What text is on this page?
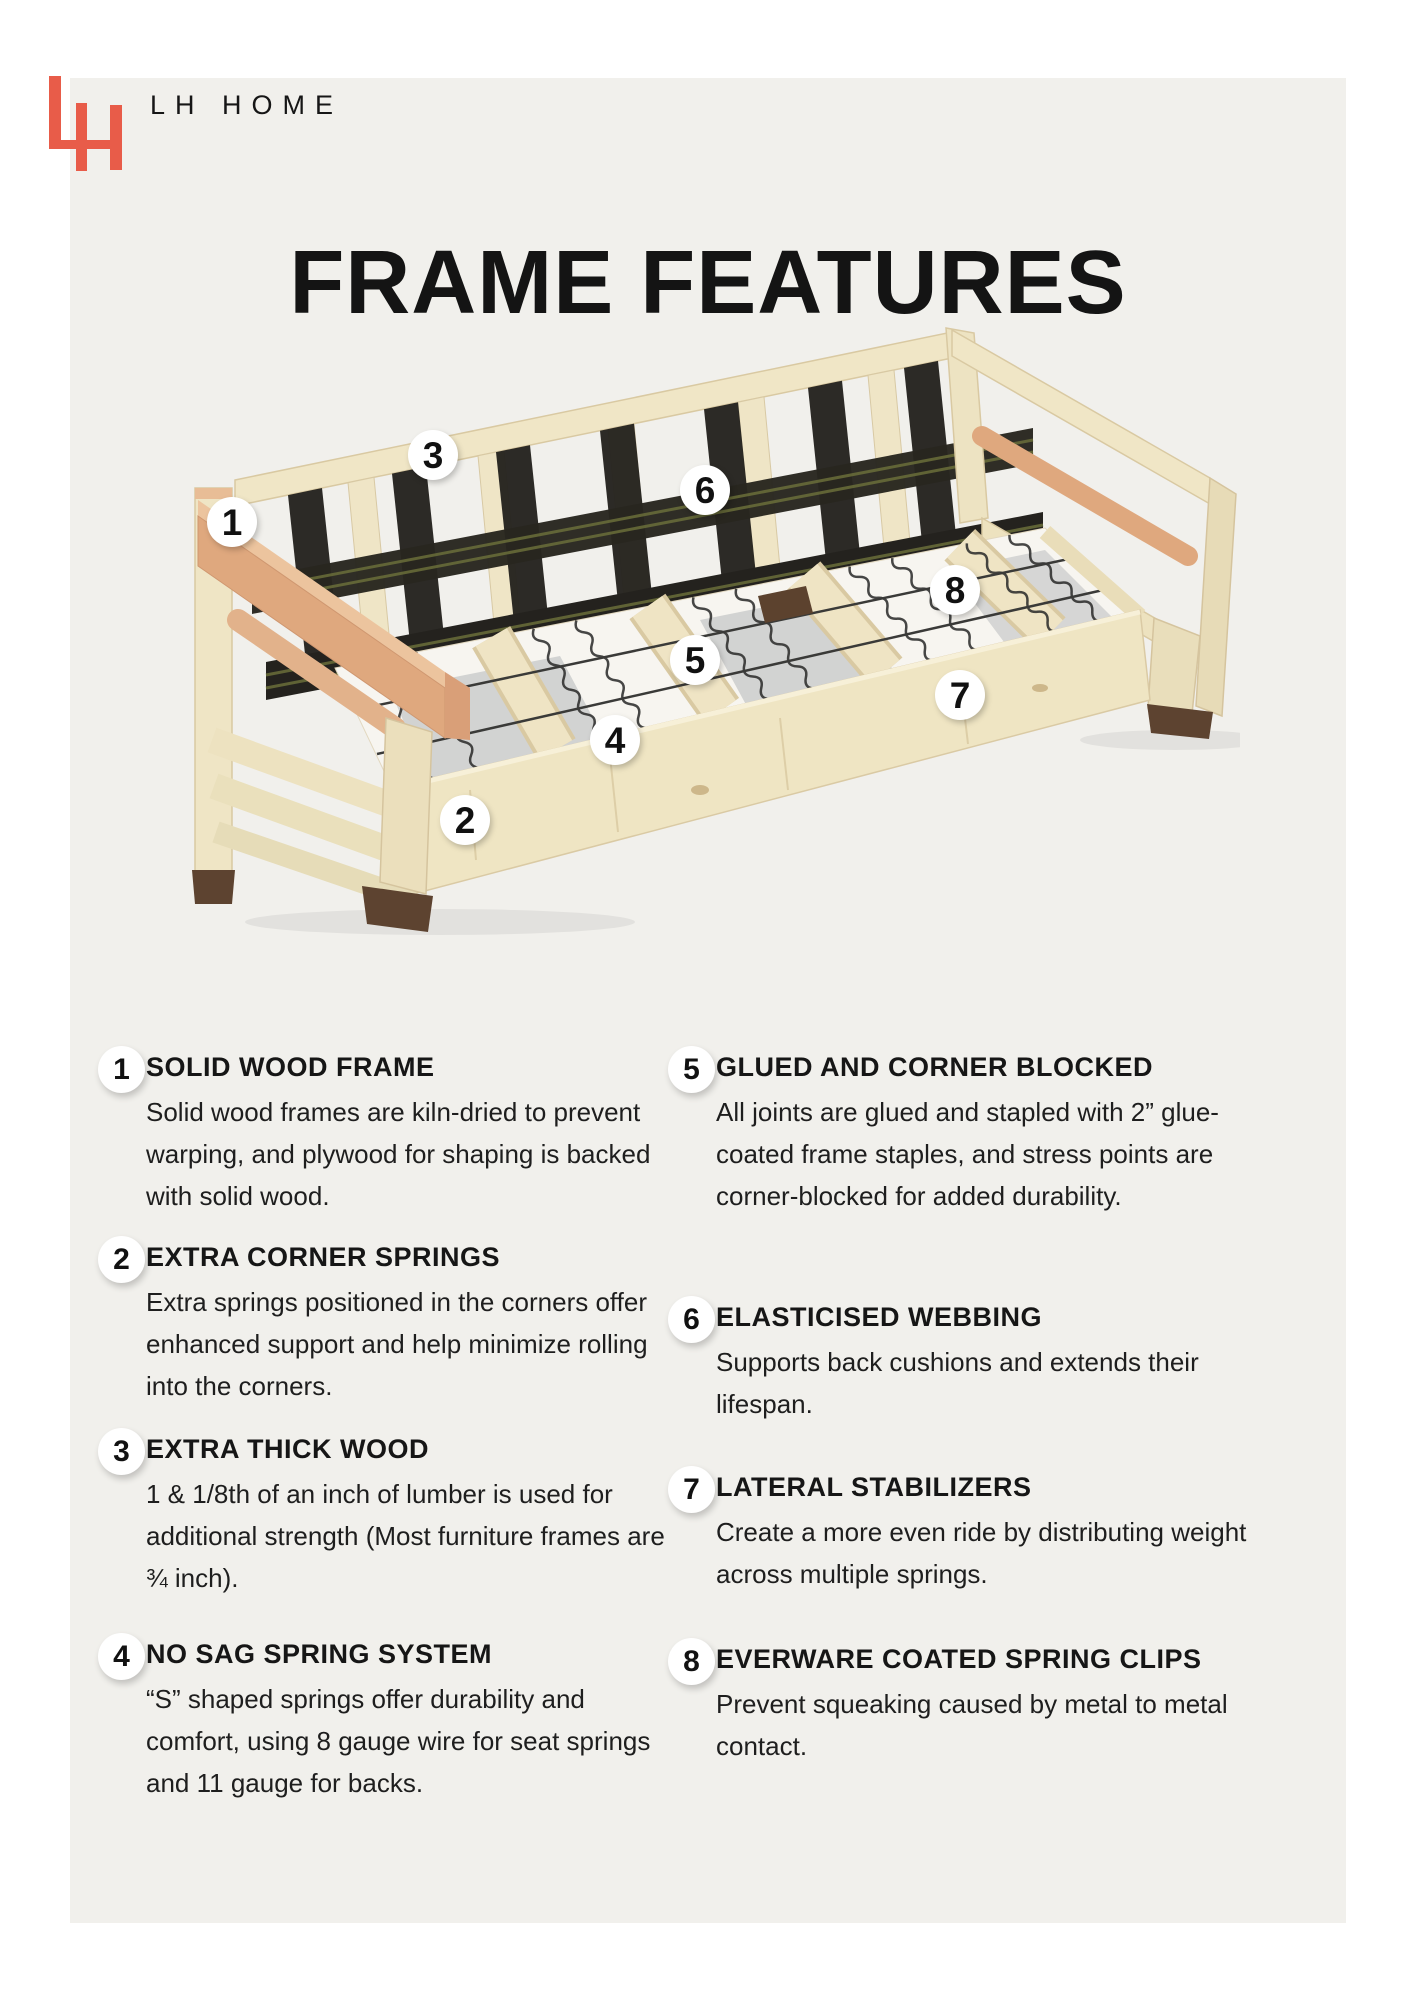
LH HOME
FRAME FEATURES
1
2
3
4
5
6
7
8
1 SOLID WOOD FRAME

Solid wood frames are kiln-dried to prevent warping, and plywood for shaping is backed with solid wood.

2 EXTRA CORNER SPRINGS

Extra springs positioned in the corners offer enhanced support and help minimize rolling into the corners.

3 EXTRA THICK WOOD

1 & 1/8th of an inch of lumber is used for additional strength (Most furniture frames are ¾ inch).

4 NO SAG SPRING SYSTEM

“S” shaped springs offer durability and comfort, using 8 gauge wire for seat springs and 11 gauge for backs.

5 GLUED AND CORNER BLOCKED

All joints are glued and stapled with 2” glue-coated frame staples, and stress points are corner-blocked for added durability.

6 ELASTICISED WEBBING

Supports back cushions and extends their lifespan.

7 LATERAL STABILIZERS

Create a more even ride by distributing weight across multiple springs.

8 EVERWARE COATED SPRING CLIPS

Prevent squeaking caused by metal to metal contact.
